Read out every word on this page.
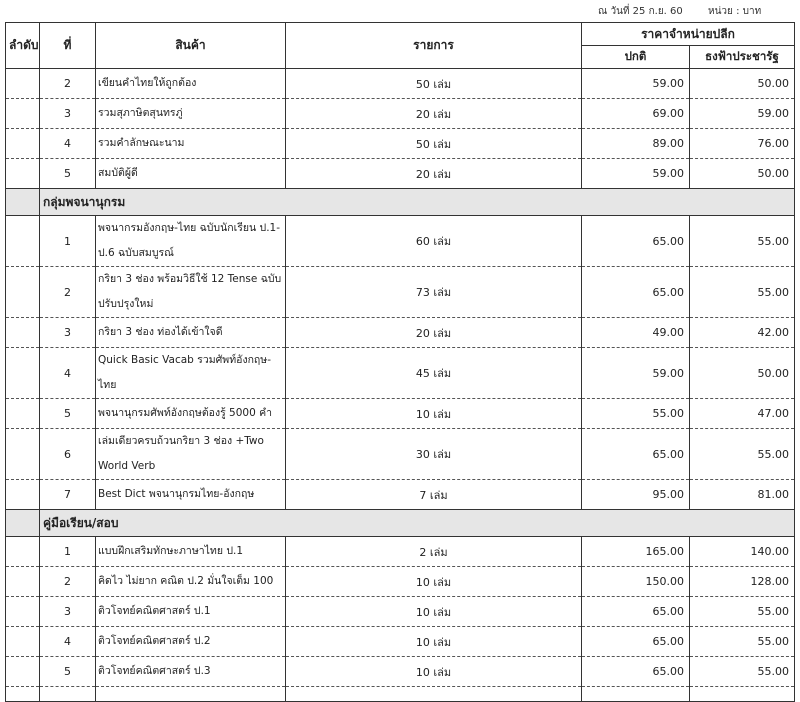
ณ วันที่ 25 ก.ย. 60	หน่วย : บาท
ลำดับ	ที่	สินค้า	รายการ	ราคาจำหน่ายปลีก	
				ปกติ	ธงฟ้าประชารัฐ
	2	เขียนคำไทยให้ถูกต้อง	50 เล่ม	59.00	50.00
	3	รวมสุภาษิตสุนทรภู่	20 เล่ม	69.00	59.00
	4	รวมคำลักษณะนาม	50 เล่ม	89.00	76.00
	5	สมบัติผู้ดี	20 เล่ม	59.00	50.00
	กลุ่มพจนานุกรม				
	1	พจนากรมอังกฤษ-ไทย ฉบับนักเรียน ป.1-ป.6 ฉบับสมบูรณ์	60 เล่ม	65.00	55.00
	2	กริยา 3 ช่อง พร้อมวิธีใช้ 12 Tense ฉบับปรับปรุงใหม่	73 เล่ม	65.00	55.00
	3	กริยา 3 ช่อง ท่องได้เข้าใจดี	20 เล่ม	49.00	42.00
	4	Quick Basic Vacab รวมศัพท์อังกฤษ-ไทย	45 เล่ม	59.00	50.00
	5	พจนานุกรมศัพท์อังกฤษต้องรู้ 5000 คำ	10 เล่ม	55.00	47.00
	6	เล่มเดียวครบถ้วนกริยา 3 ช่อง +Two World Verb	30 เล่ม	65.00	55.00
	7	Best Dict พจนานุกรมไทย-อังกฤษ	7 เล่ม	95.00	81.00
	คู่มือเรียน/สอบ				
	1	แบบฝึกเสริมทักษะภาษาไทย ป.1	2 เล่ม	165.00	140.00
	2	คิดไว ไม่ยาก คณิต ป.2 มั่นใจเต็ม 100	10 เล่ม	150.00	128.00
	3	ติวโจทย์คณิตศาสตร์ ป.1	10 เล่ม	65.00	55.00
	4	ติวโจทย์คณิตศาสตร์ ป.2	10 เล่ม	65.00	55.00
	5	ติวโจทย์คณิตศาสตร์ ป.3	10 เล่ม	65.00	55.00
